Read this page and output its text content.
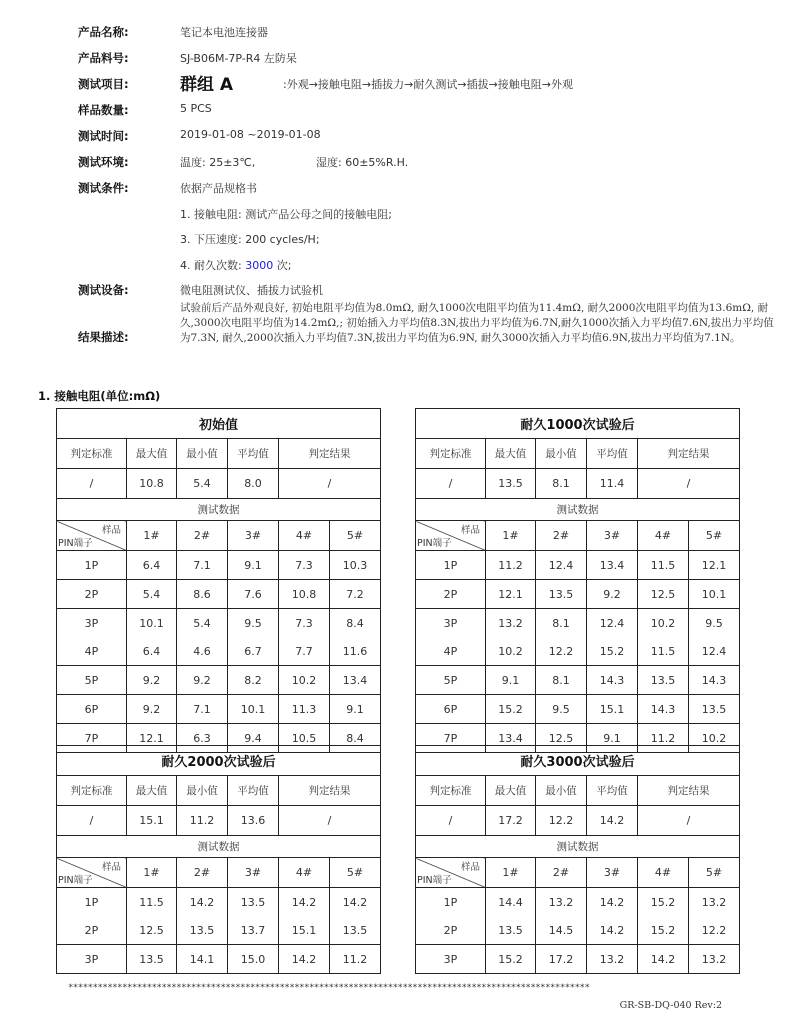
产品名称:	笔记本电池连接器
产品料号:	SJ-B06M-7P-R4 左防呆
测试项目:	群组 A	:外观→接触电阻→插拔力→耐久测试→插拔→接触电阻→外观
样品数量:	5 PCS
测试时间:	2019-01-08 ~2019-01-08
测试环境:	温度: 25±3℃,	湿度: 60±5%R.H.
测试条件:	依据产品规格书
1. 接触电阻: 测试产品公母之间的接触电阻;
3. 下压速度: 200 cycles/H;
4. 耐久次数: 3000 次;
测试设备:	微电阻测试仪、插拔力试验机
结果描述:
试验前后产品外观良好, 初始电阻平均值为8.0mΩ, 耐久1000次电阻平均值为11.4mΩ, 耐久2000次电阻平均值为13.6mΩ, 耐久,3000次电阻平均值为14.2mΩ,; 初始插入力平均值8.3N,拔出力平均值为6.7N,耐久1000次插入力平均值7.6N,拔出力平均值为7.3N, 耐久,2000次插入力平均值7.3N,拔出力平均值为6.9N, 耐久3000次插入力平均值6.9N,拔出力平均值为7.1N。
1. 接触电阻(单位:mΩ)
初始值					
判定标准	最大值	最小值	平均值	判定结果	
/	10.8	5.4	8.0	/	
测试数据					

样品
PIN端子	1#	2#	3#	4#	5#
1P	6.4	7.1	9.1	7.3	10.3
2P	5.4	8.6	7.6	10.8	7.2
3P	10.1	5.4	9.5	7.3	8.4
4P	6.4	4.6	6.7	7.7	11.6
5P	9.2	9.2	8.2	10.2	13.4
6P	9.2	7.1	10.1	11.3	9.1
7P	12.1	6.3	9.4	10.5	8.4
耐久1000次试验后					
判定标准	最大值	最小值	平均值	判定结果	
/	13.5	8.1	11.4	/	
测试数据					

样品
PIN端子	1#	2#	3#	4#	5#
1P	11.2	12.4	13.4	11.5	12.1
2P	12.1	13.5	9.2	12.5	10.1
3P	13.2	8.1	12.4	10.2	9.5
4P	10.2	12.2	15.2	11.5	12.4
5P	9.1	8.1	14.3	13.5	14.3
6P	15.2	9.5	15.1	14.3	13.5
7P	13.4	12.5	9.1	11.2	10.2
耐久2000次试验后					
判定标准	最大值	最小值	平均值	判定结果	
/	15.1	11.2	13.6	/	
测试数据					

样品
PIN端子	1#	2#	3#	4#	5#
1P	11.5	14.2	13.5	14.2	14.2
2P	12.5	13.5	13.7	15.1	13.5
3P	13.5	14.1	15.0	14.2	11.2
耐久3000次试验后					
判定标准	最大值	最小值	平均值	判定结果	
/	17.2	12.2	14.2	/	
测试数据					

样品
PIN端子	1#	2#	3#	4#	5#
1P	14.4	13.2	14.2	15.2	13.2
2P	13.5	14.5	14.2	15.2	12.2
3P	15.2	17.2	13.2	14.2	13.2
**********************************************************************************************************
GR-SB-DQ-040 Rev:2
